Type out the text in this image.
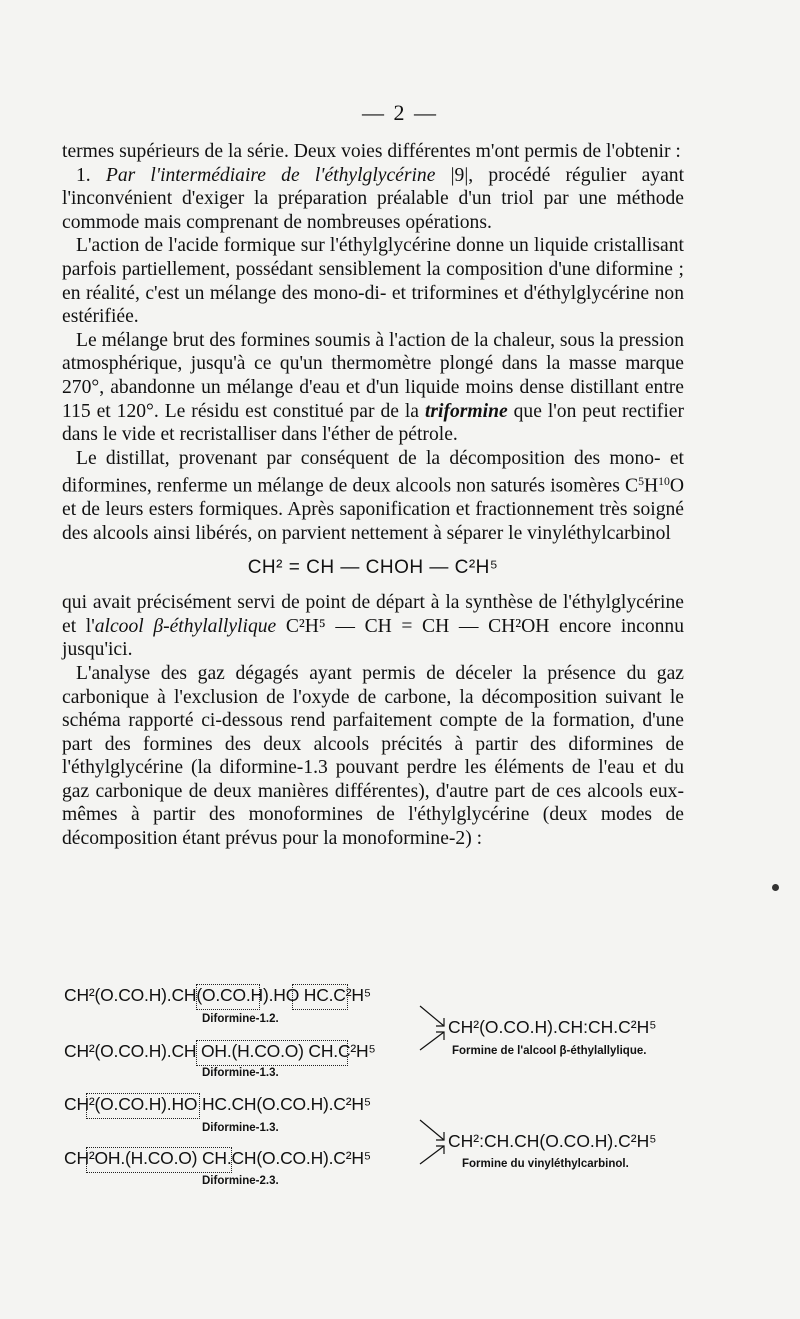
— 2 —

termes supérieurs de la série. Deux voies différentes m'ont permis de l'obtenir :

1. Par l'intermédiaire de l'éthylglycérine |9|, procédé régulier ayant l'inconvénient d'exiger la préparation préalable d'un triol par une méthode commode mais comprenant de nombreuses opérations.

L'action de l'acide formique sur l'éthylglycérine donne un liquide cristallisant parfois partiellement, possédant sensiblement la composition d'une diformine ; en réalité, c'est un mélange des mono-di- et triformines et d'éthylglycérine non estérifiée.

Le mélange brut des formines soumis à l'action de la chaleur, sous la pression atmosphérique, jusqu'à ce qu'un thermomètre plongé dans la masse marque 270°, abandonne un mélange d'eau et d'un liquide moins dense distillant entre 115 et 120°. Le résidu est constitué par de la triformine que l'on peut rectifier dans le vide et recristalliser dans l'éther de pétrole.

Le distillat, provenant par conséquent de la décomposition des mono- et diformines, renferme un mélange de deux alcools non saturés isomères $C^5H^{10}O$ et de leurs esters formiques. Après saponification et fractionnement très soigné des alcools ainsi libérés, on parvient nettement à séparer le vinyléthylcarbinol

CH² = CH — CHOH — C²H⁵

qui avait précisément servi de point de départ à la synthèse de l'éthylglycérine et l'alcool β-éthylallylique C²H⁵ — CH = CH — CH²OH encore inconnu jusqu'ici.

L'analyse des gaz dégagés ayant permis de déceler la présence du gaz carbonique à l'exclusion de l'oxyde de carbone, la décomposition suivant le schéma rapporté ci-dessous rend parfaitement compte de la formation, d'une part des formines des deux alcools précités à partir des diformines de l'éthylglycérine (la diformine-1.3 pouvant perdre les éléments de l'eau et du gaz carbonique de deux manières différentes), d'autre part de ces alcools eux-mêmes à partir des monoformines de l'éthylglycérine (deux modes de décomposition étant prévus pour la monoformine-2) :

CH²(O.CO.H).CH(O.CO.H).HO HC.C²H⁵
Diformine-1.2.
CH²(O.CO.H).CH OH.(H.CO.O) CH.C²H⁵
Diformine-1.3.
CH²(O.CO.H).CH:CH.C²H⁵
Formine de l'alcool β-éthylallylique.
CH²(O.CO.H).HO HC.CH(O.CO.H).C²H⁵
Diformine-1.3.
CH²OH.(H.CO.O) CH.CH(O.CO.H).C²H⁵
Diformine-2.3.
CH²:CH.CH(O.CO.H).C²H⁵
Formine du vinyléthylcarbinol.
